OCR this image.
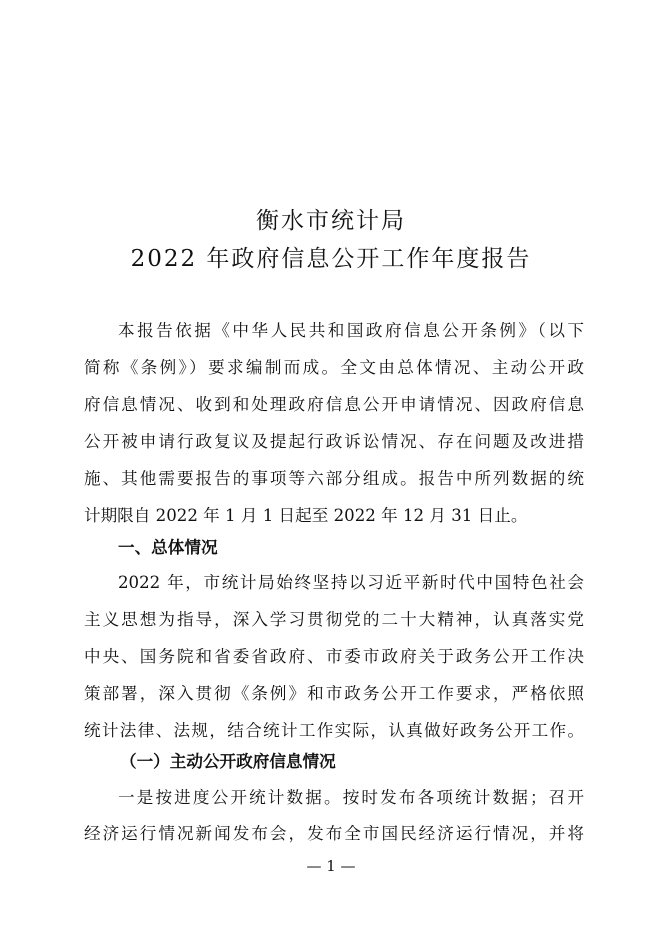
衡水市统计局
2022 年政府信息公开工作年度报告
本报告依据《中华人民共和国政府信息公开条例》（以下
简称《条例》）要求编制而成。全文由总体情况、主动公开政
府信息情况、收到和处理政府信息公开申请情况、因政府信息
公开被申请行政复议及提起行政诉讼情况、存在问题及改进措
施、其他需要报告的事项等六部分组成。报告中所列数据的统
计期限自 2022 年 1 月 1 日起至 2022 年 12 月 31 日止。
一、总体情况
2022 年，市统计局始终坚持以习近平新时代中国特色社会
主义思想为指导，深入学习贯彻党的二十大精神，认真落实党
中央、国务院和省委省政府、市委市政府关于政务公开工作决
策部署，深入贯彻《条例》和市政务公开工作要求，严格依照
统计法律、法规，结合统计工作实际，认真做好政务公开工作。
（一）主动公开政府信息情况
一是按进度公开统计数据。按时发布各项统计数据；召开
经济运行情况新闻发布会，发布全市国民经济运行情况，并将
— 1 —
